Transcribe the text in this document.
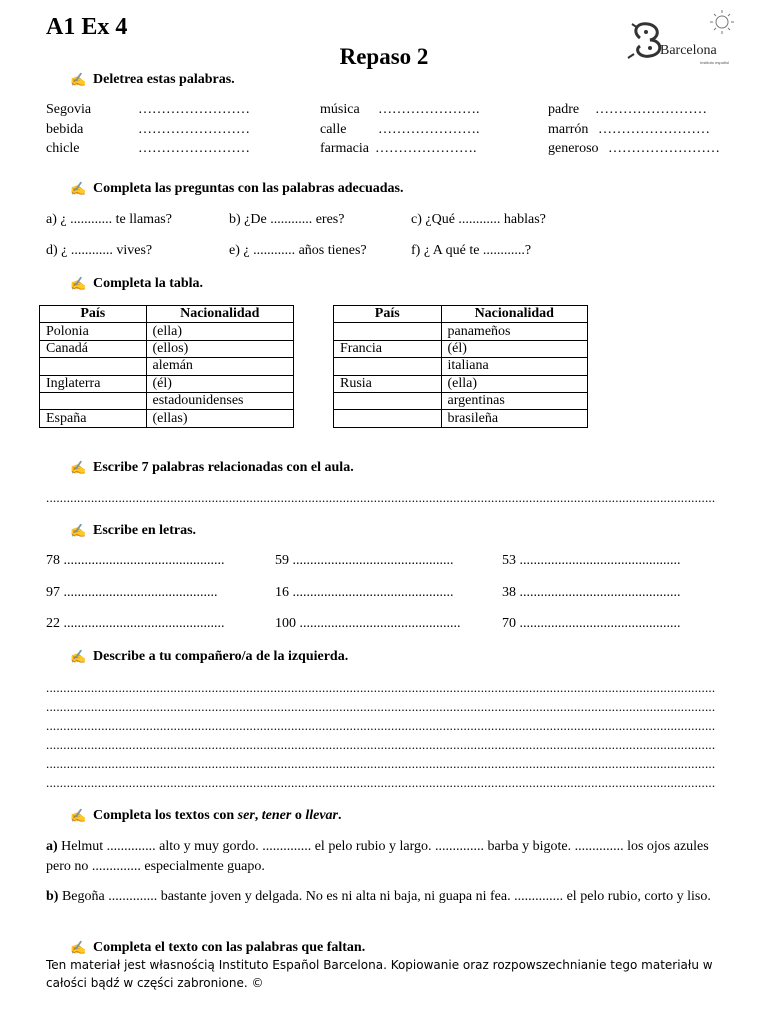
A1 Ex 4
Repaso 2	Barcelona
Instituto español
✍ Deletrea estas palabras.
Segovia	……………………	música ………………….	padre ……………………
bebida	……………………	calle ………………….	marrón ……………………
chicle	……………………	farmacia ………………….	generoso ……………………
✍ Completa las preguntas con las palabras adecuadas.
a) ¿ ............ te llamas?	b) ¿De ............ eres?	c) ¿Qué ............ hablas?
d) ¿ ............ vives?	e) ¿ ............ años tienes?	f) ¿ A qué te ............?
✍ Completa la tabla.
País	Nacionalidad
Polonia	(ella)
Canadá	(ellos)
	alemán
Inglaterra	(él)
	estadounidenses
España	(ellas)
País	Nacionalidad
	panameños
Francia	(él)
	italiana
Rusia	(ella)
	argentinas
	brasileña
✍ Escribe 7 palabras relacionadas con el aula.
..................................................................................................................................................................................................
✍ Escribe en letras.
78 ..............................................	59 ..............................................	53 ..............................................
97 ............................................	16 ..............................................	38 ..............................................
22 ..............................................	100 ..............................................	70 ..............................................
✍ Describe a tu compañero/a de la izquierda.
..................................................................................................................................................................................................
..................................................................................................................................................................................................
..................................................................................................................................................................................................
..................................................................................................................................................................................................
..................................................................................................................................................................................................
..................................................................................................................................................................................................
✍ Completa los textos con ser, tener o llevar.
a) Helmut .............. alto y muy gordo. .............. el pelo rubio y largo. .............. barba y bigote. .............. los ojos azules pero no .............. especialmente guapo.
b) Begoña .............. bastante joven y delgada. No es ni alta ni baja, ni guapa ni fea. .............. el pelo rubio, corto y liso.
✍ Completa el texto con las palabras que faltan.
Ten materiał jest własnością Instituto Español Barcelona. Kopiowanie oraz rozpowszechnianie tego materiału w całości bądź w części zabronione. ©
